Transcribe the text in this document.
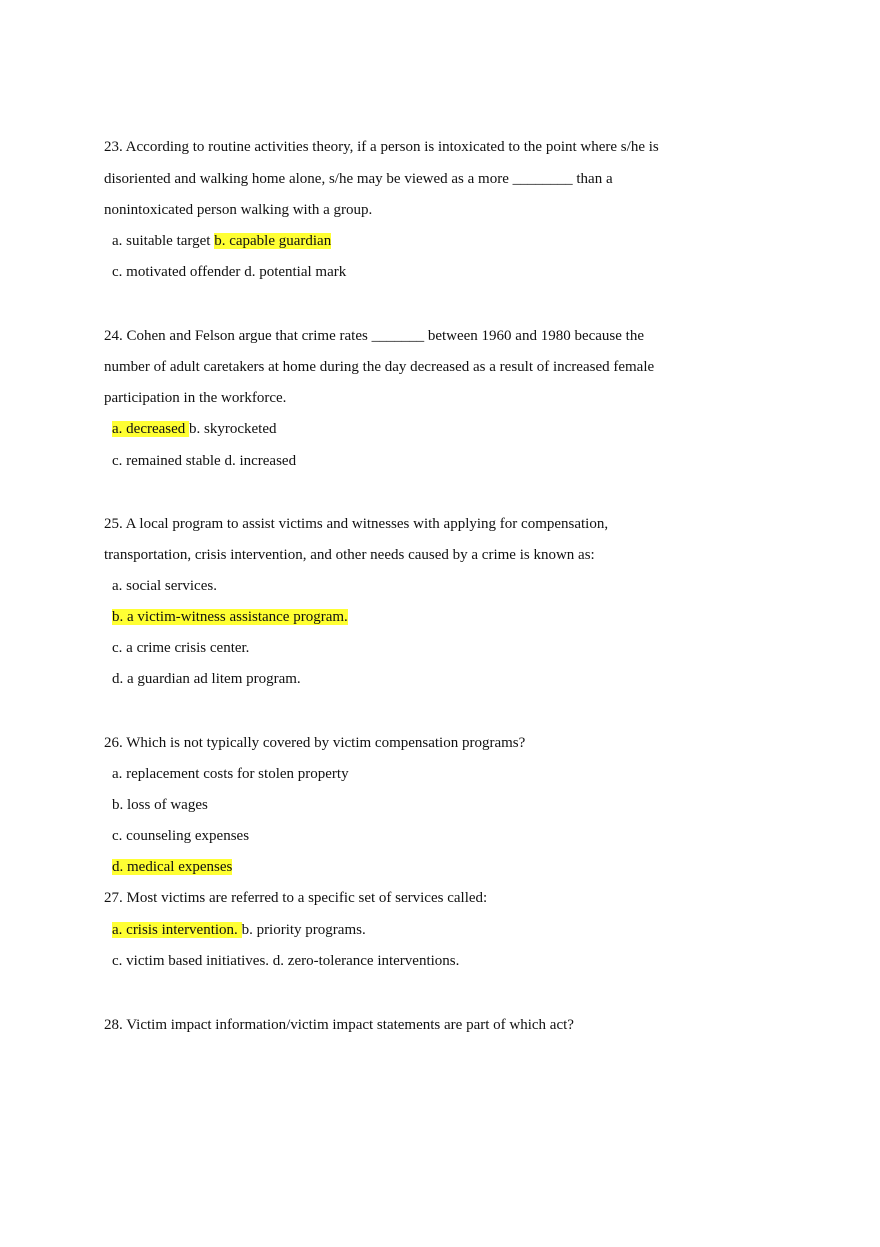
23. According to routine activities theory, if a person is intoxicated to the point where s/he is
disoriented and walking home alone, s/he may be viewed as a more ________ than a
nonintoxicated person walking with a group.
a. suitable target b. capable guardian
c. motivated offender d. potential mark
24. Cohen and Felson argue that crime rates _______ between 1960 and 1980 because the
number of adult caretakers at home during the day decreased as a result of increased female
participation in the workforce.
a. decreased b. skyrocketed
c. remained stable d. increased
25. A local program to assist victims and witnesses with applying for compensation,
transportation, crisis intervention, and other needs caused by a crime is known as:
a. social services.
b. a victim-witness assistance program.
c. a crime crisis center.
d. a guardian ad litem program.
26. Which is not typically covered by victim compensation programs?
a. replacement costs for stolen property
b. loss of wages
c. counseling expenses
d. medical expenses
27. Most victims are referred to a specific set of services called:
a. crisis intervention. b. priority programs.
c. victim based initiatives. d. zero-tolerance interventions.
28. Victim impact information/victim impact statements are part of which act?
